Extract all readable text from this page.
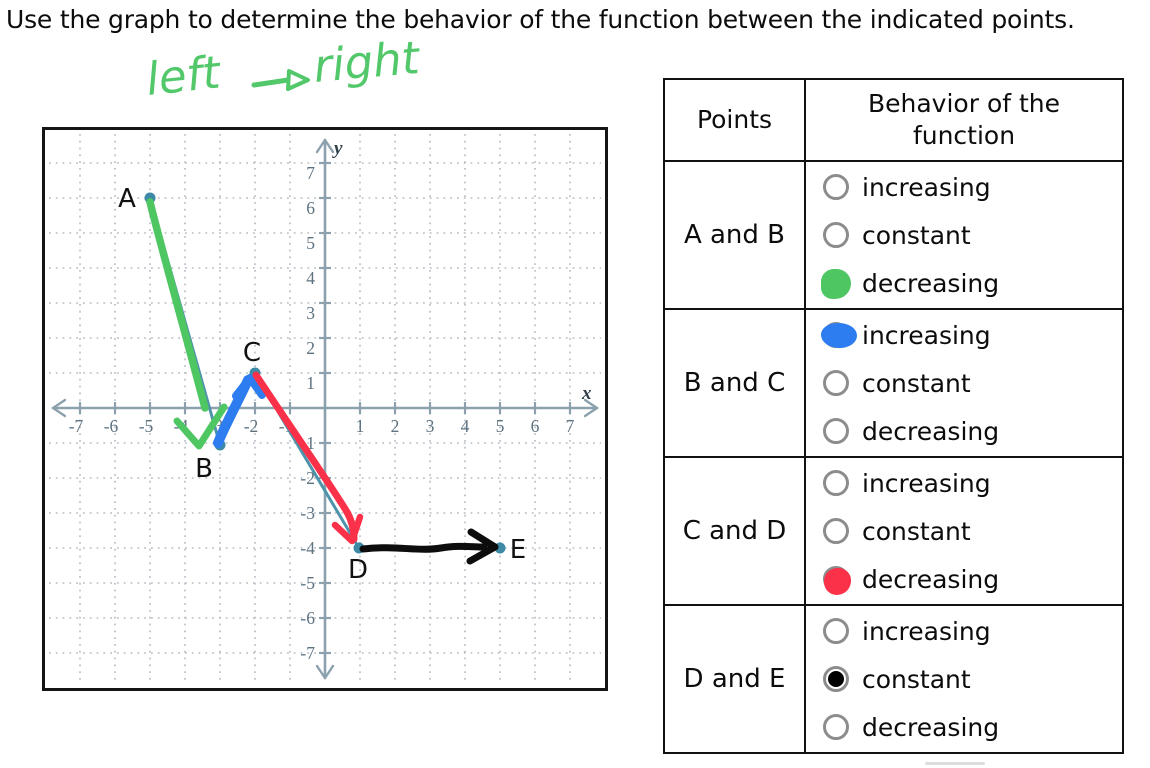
Use the graph to determine the behavior of the function between the indicated points.
left right
-7 -6 -5 -4 -3 -2 -1	1 2 3 4 5 6 7
7
6
5
4
3
2
1
-1
-2
-3
-4
-5
-6
-7
x
y
A
B
C
D
E
Points	Behavior of the function

A and B	increasing
constant
decreasing

B and C	increasing
constant
decreasing

C and D	increasing
constant
decreasing

D and E	increasing
constant
decreasing
